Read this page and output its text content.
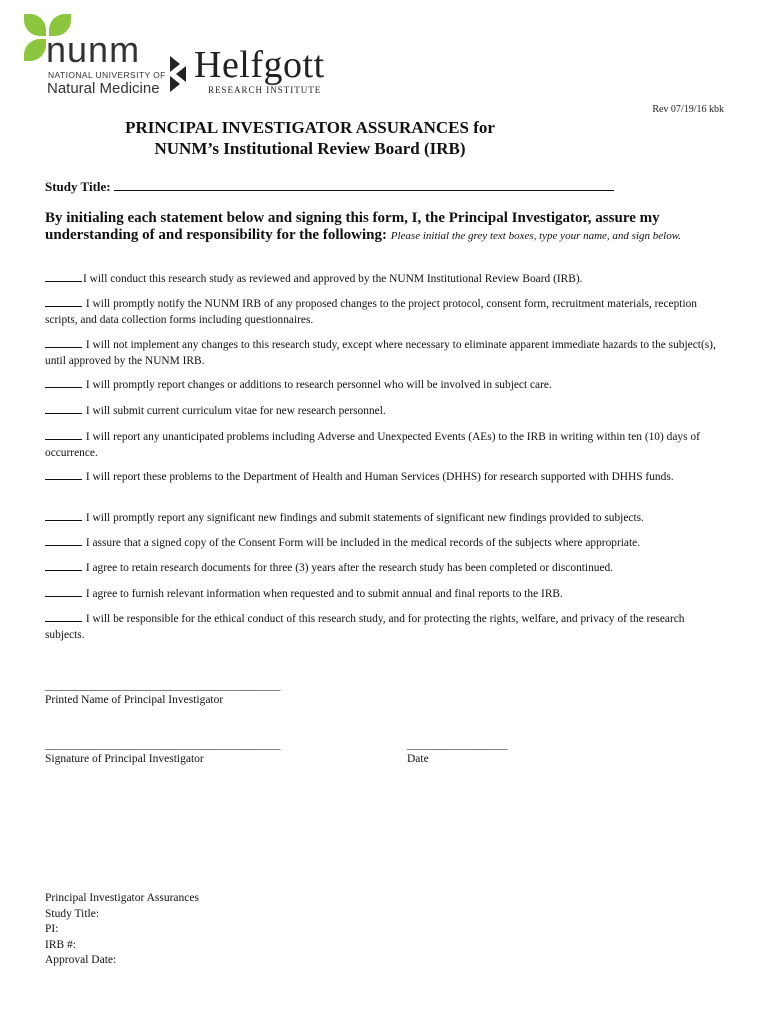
nunm
NATIONAL UNIVERSITY OF
Natural Medicine
Helfgott
RESEARCH INSTITUTE
Rev 07/19/16 kbk
PRINCIPAL INVESTIGATOR ASSURANCES for
NUNM’s Institutional Review Board (IRB)
Study Title:
By initialing each statement below and signing this form, I, the Principal Investigator, assure my understanding of and responsibility for the following: Please initial the grey text boxes, type your name, and sign below.
I will conduct this research study as reviewed and approved by the NUNM Institutional Review Board (IRB).
I will promptly notify the NUNM IRB of any proposed changes to the project protocol, consent form, recruitment materials, reception scripts, and data collection forms including questionnaires.
I will not implement any changes to this research study, except where necessary to eliminate apparent immediate hazards to the subject(s), until approved by the NUNM IRB.
I will promptly report changes or additions to research personnel who will be involved in subject care.
I will submit current curriculum vitae for new research personnel.
I will report any unanticipated problems including Adverse and Unexpected Events (AEs) to the IRB in writing within ten (10) days of occurrence.
I will report these problems to the Department of Health and Human Services (DHHS) for research supported with DHHS funds.
I will promptly report any significant new findings and submit statements of significant new findings provided to subjects.
I assure that a signed copy of the Consent Form will be included in the medical records of the subjects where appropriate.
I agree to retain research documents for three (3) years after the research study has been completed or discontinued.
I agree to furnish relevant information when requested and to submit annual and final reports to the IRB.
I will be responsible for the ethical conduct of this research study, and for protecting the rights, welfare, and privacy of the research subjects.
_______________________________________________
Printed Name of Principal Investigator
_______________________________________________
Signature of Principal Investigator
____________________
Date
Principal Investigator Assurances
Study Title:
PI:
IRB #:
Approval Date:
